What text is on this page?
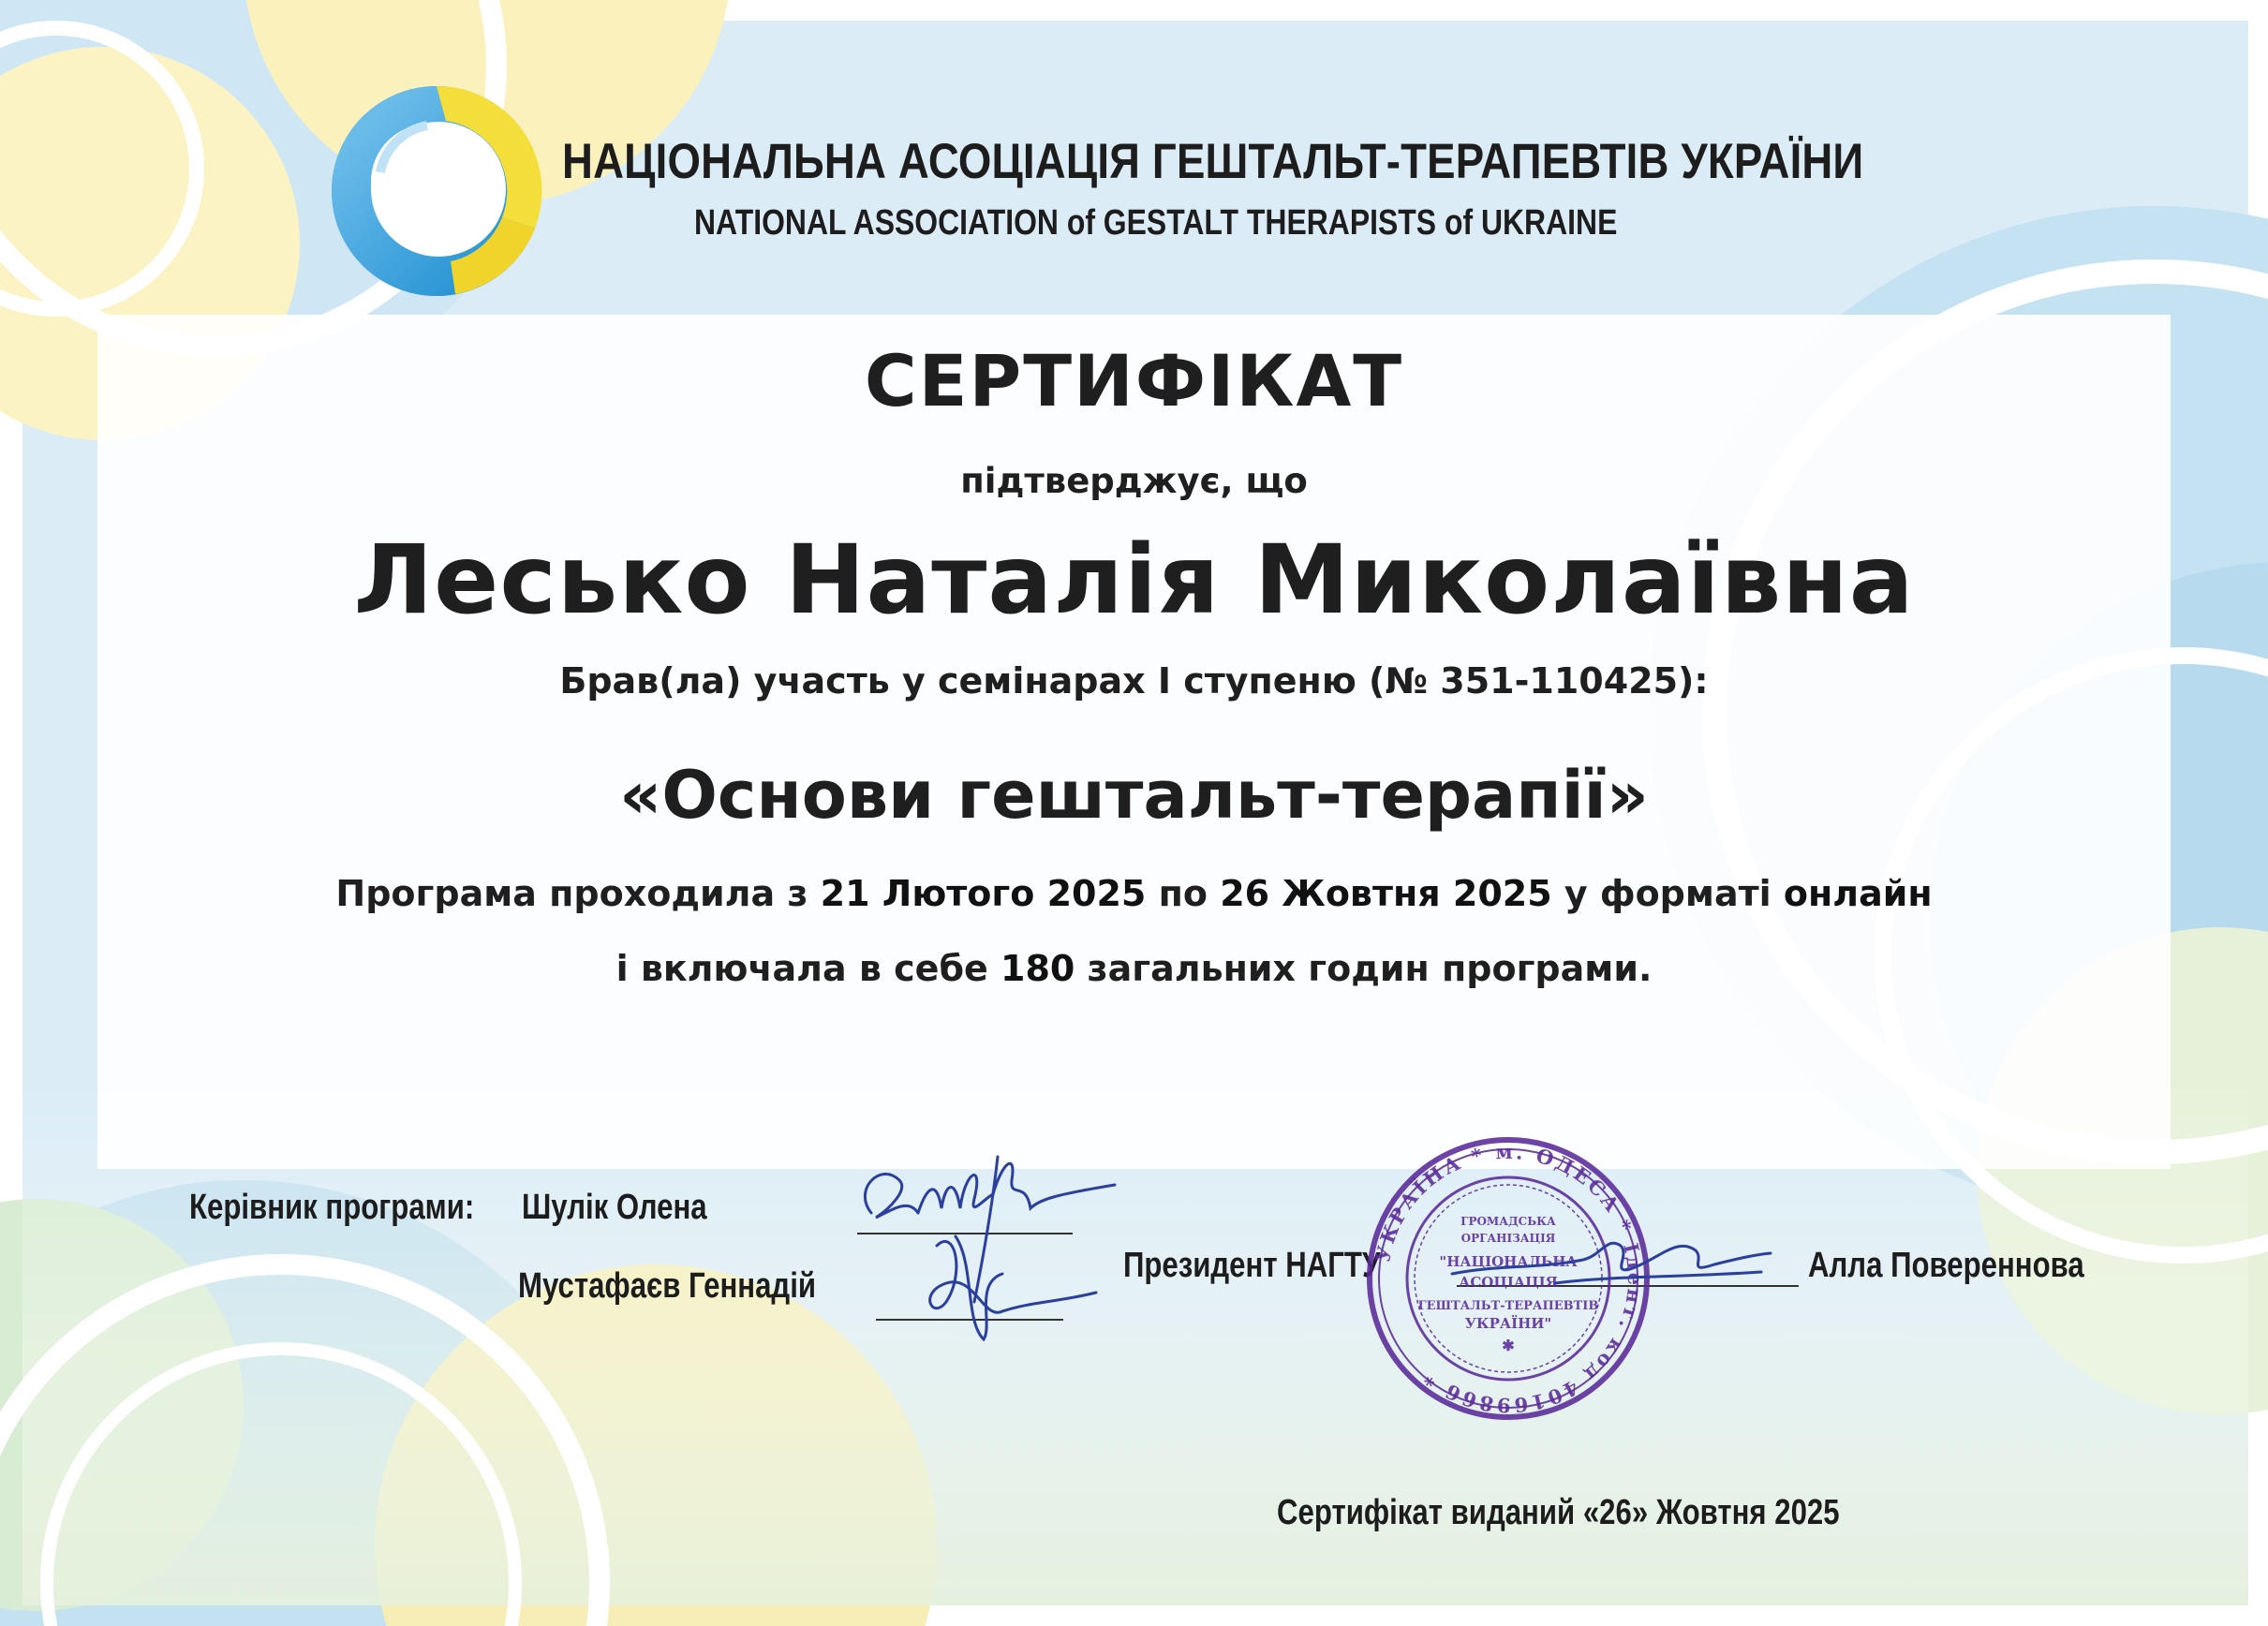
НАЦІОНАЛЬНА АСОЦІАЦІЯ ГЕШТАЛЬТ-ТЕРАПЕВТІВ УКРАЇНИ
NATIONAL ASSOCIATION of GESTALT THERAPISTS of UKRAINE
СЕРТИФІКАТ
підтверджує, що
Лесько Наталія Миколаївна
Брав(ла) участь у семінарах І ступеню (№ 351-110425):
«Основи гештальт-терапії»
Програма проходила з 21 Лютого 2025 по 26 Жовтня 2025 у форматі онлайн
і включала в себе 180 загальних годин програми.
Керівник програми: Шулік Олена
Мустафаєв Геннадій
Президент НАГТУ	Алла Повереннова
УКРАЇНА * м. ОДЕСА * Ідент. код 40169866 *
ГРОМАДСЬКА
ОРГАНІЗАЦІЯ
"НАЦІОНАЛЬНА
АСОЦІАЦІЯ
ГЕШТАЛЬТ-ТЕРАПЕВТІВ
УКРАЇНИ"
✱
Сертифікат виданий «26» Жовтня 2025
